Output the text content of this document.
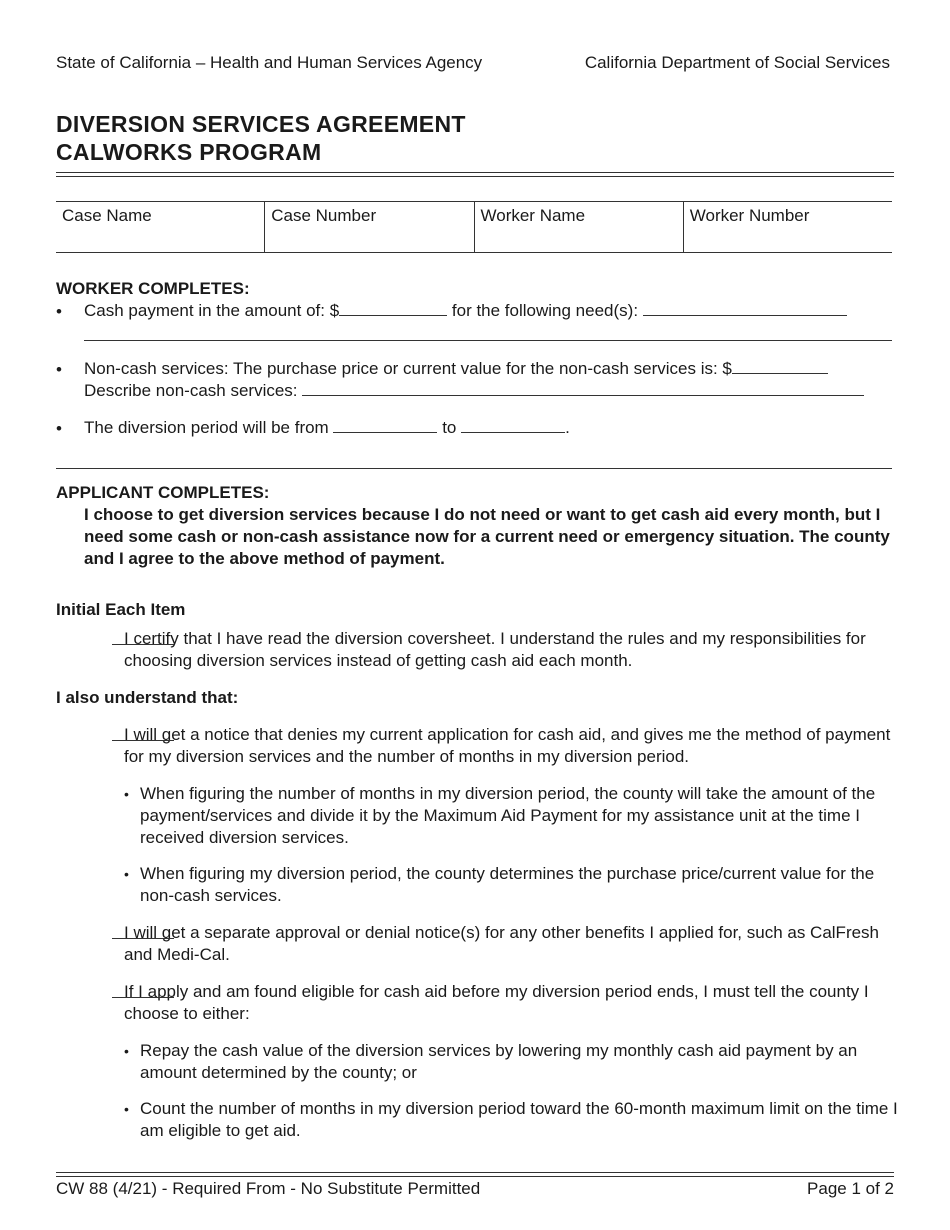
State of California – Health and Human Services Agency	California Department of Social Services
DIVERSION SERVICES AGREEMENT
CALWORKS PROGRAM
Case Name	Case Number	Worker Name	Worker Number
WORKER COMPLETES:
• Cash payment in the amount of: $	for the following need(s):
• Non-cash services: The purchase price or current value for the non-cash services is: $
Describe non-cash services:
• The diversion period will be from	to	.
APPLICANT COMPLETES:
I choose to get diversion services because I do not need or want to get cash aid every month, but I need some cash or non-cash assistance now for a current need or emergency situation. The county and I agree to the above method of payment.
Initial Each Item
I certify that I have read the diversion coversheet. I understand the rules and my responsibilities for choosing diversion services instead of getting cash aid each month.
I also understand that:
I will get a notice that denies my current application for cash aid, and gives me the method of payment for my diversion services and the number of months in my diversion period.
• When figuring the number of months in my diversion period, the county will take the amount of the payment/services and divide it by the Maximum Aid Payment for my assistance unit at the time I received diversion services.
• When figuring my diversion period, the county determines the purchase price/current value for the non-cash services.
I will get a separate approval or denial notice(s) for any other benefits I applied for, such as CalFresh and Medi-Cal.
If I apply and am found eligible for cash aid before my diversion period ends, I must tell the county I choose to either:
• Repay the cash value of the diversion services by lowering my monthly cash aid payment by an amount determined by the county; or
• Count the number of months in my diversion period toward the 60-month maximum limit on the time I am eligible to get aid.
CW 88 (4/21) - Required From - No Substitute Permitted	Page 1 of 2
